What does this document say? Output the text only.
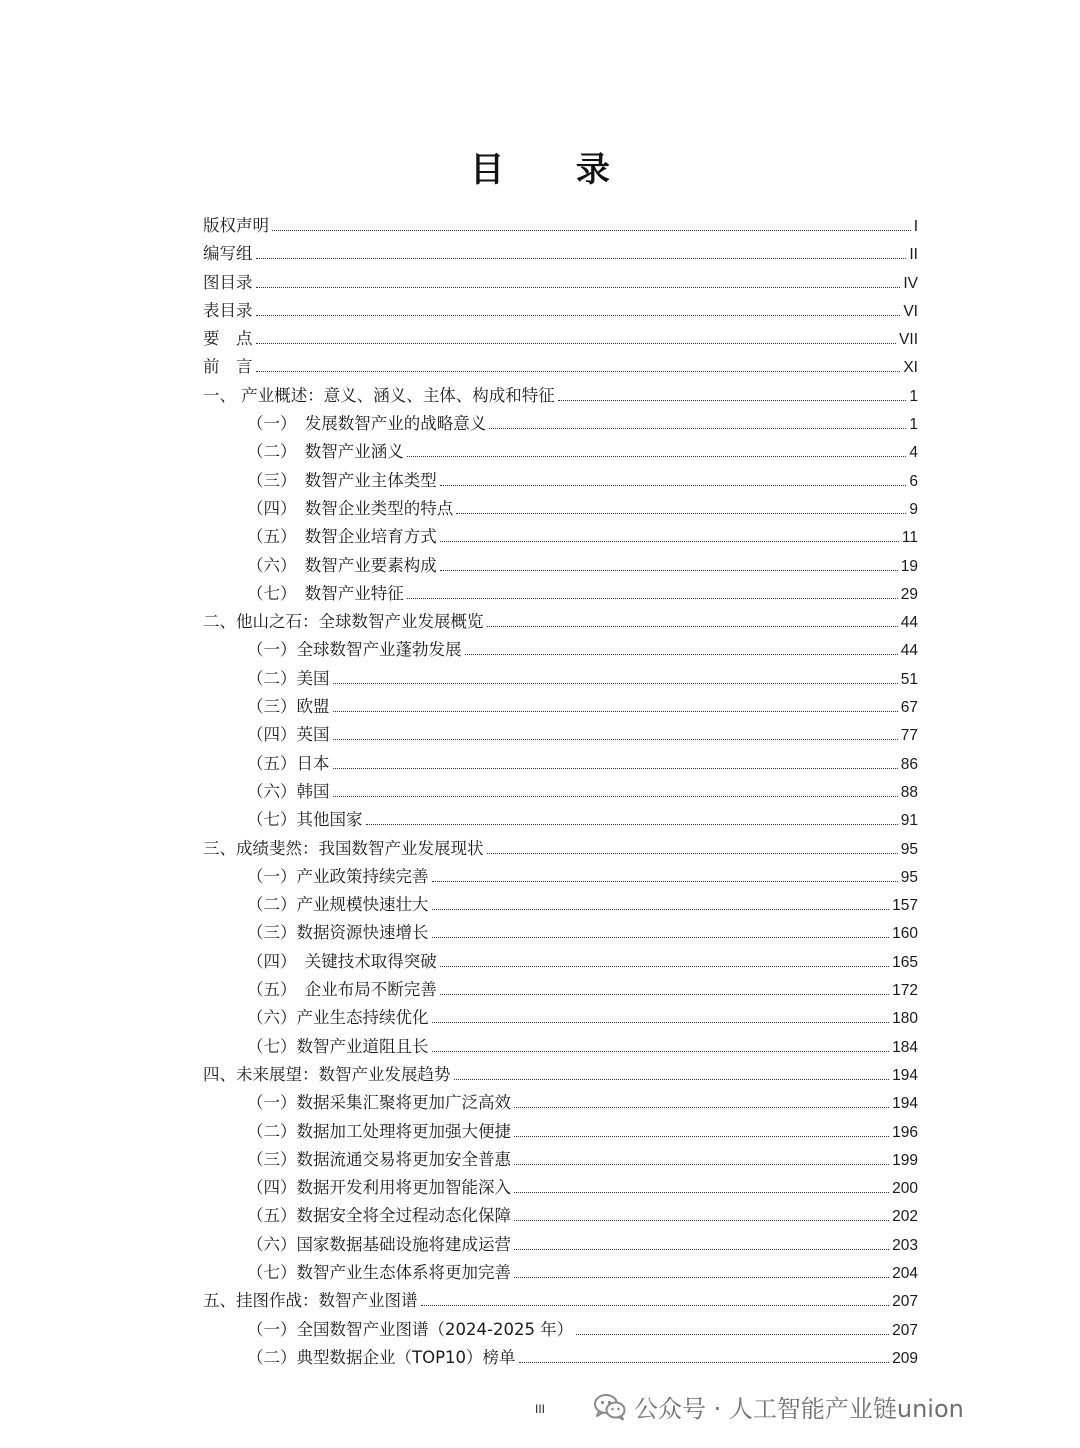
目 录
版权声明	I
编写组	II
图目录	IV
表目录	VI
要　点	VII
前　言	XI
一、 产业概述：意义、涵义、主体、构成和特征	1
（一）　发展数智产业的战略意义	1
（二）　数智产业涵义	4
（三）　数智产业主体类型	6
（四）　数智企业类型的特点	9
（五）　数智企业培育方式	11
（六）　数智产业要素构成	19
（七）　数智产业特征	29
二、他山之石：全球数智产业发展概览	44
（一）全球数智产业蓬勃发展	44
（二）美国	51
（三）欧盟	67
（四）英国	77
（五）日本	86
（六）韩国	88
（七）其他国家	91
三、成绩斐然：我国数智产业发展现状	95
（一）产业政策持续完善	95
（二）产业规模快速壮大	157
（三）数据资源快速增长	160
（四）　关键技术取得突破	165
（五）　企业布局不断完善	172
（六）产业生态持续优化	180
（七）数智产业道阻且长	184
四、未来展望：数智产业发展趋势	194
（一）数据采集汇聚将更加广泛高效	194
（二）数据加工处理将更加强大便捷	196
（三）数据流通交易将更加安全普惠	199
（四）数据开发利用将更加智能深入	200
（五）数据安全将全过程动态化保障	202
（六）国家数据基础设施将建成运营	203
（七）数智产业生态体系将更加完善	204
五、挂图作战：数智产业图谱	207
（一）全国数智产业图谱（2024-2025 年）	207
（二）典型数据企业（TOP10）榜单	209
III	公众号 · 人工智能产业链union
